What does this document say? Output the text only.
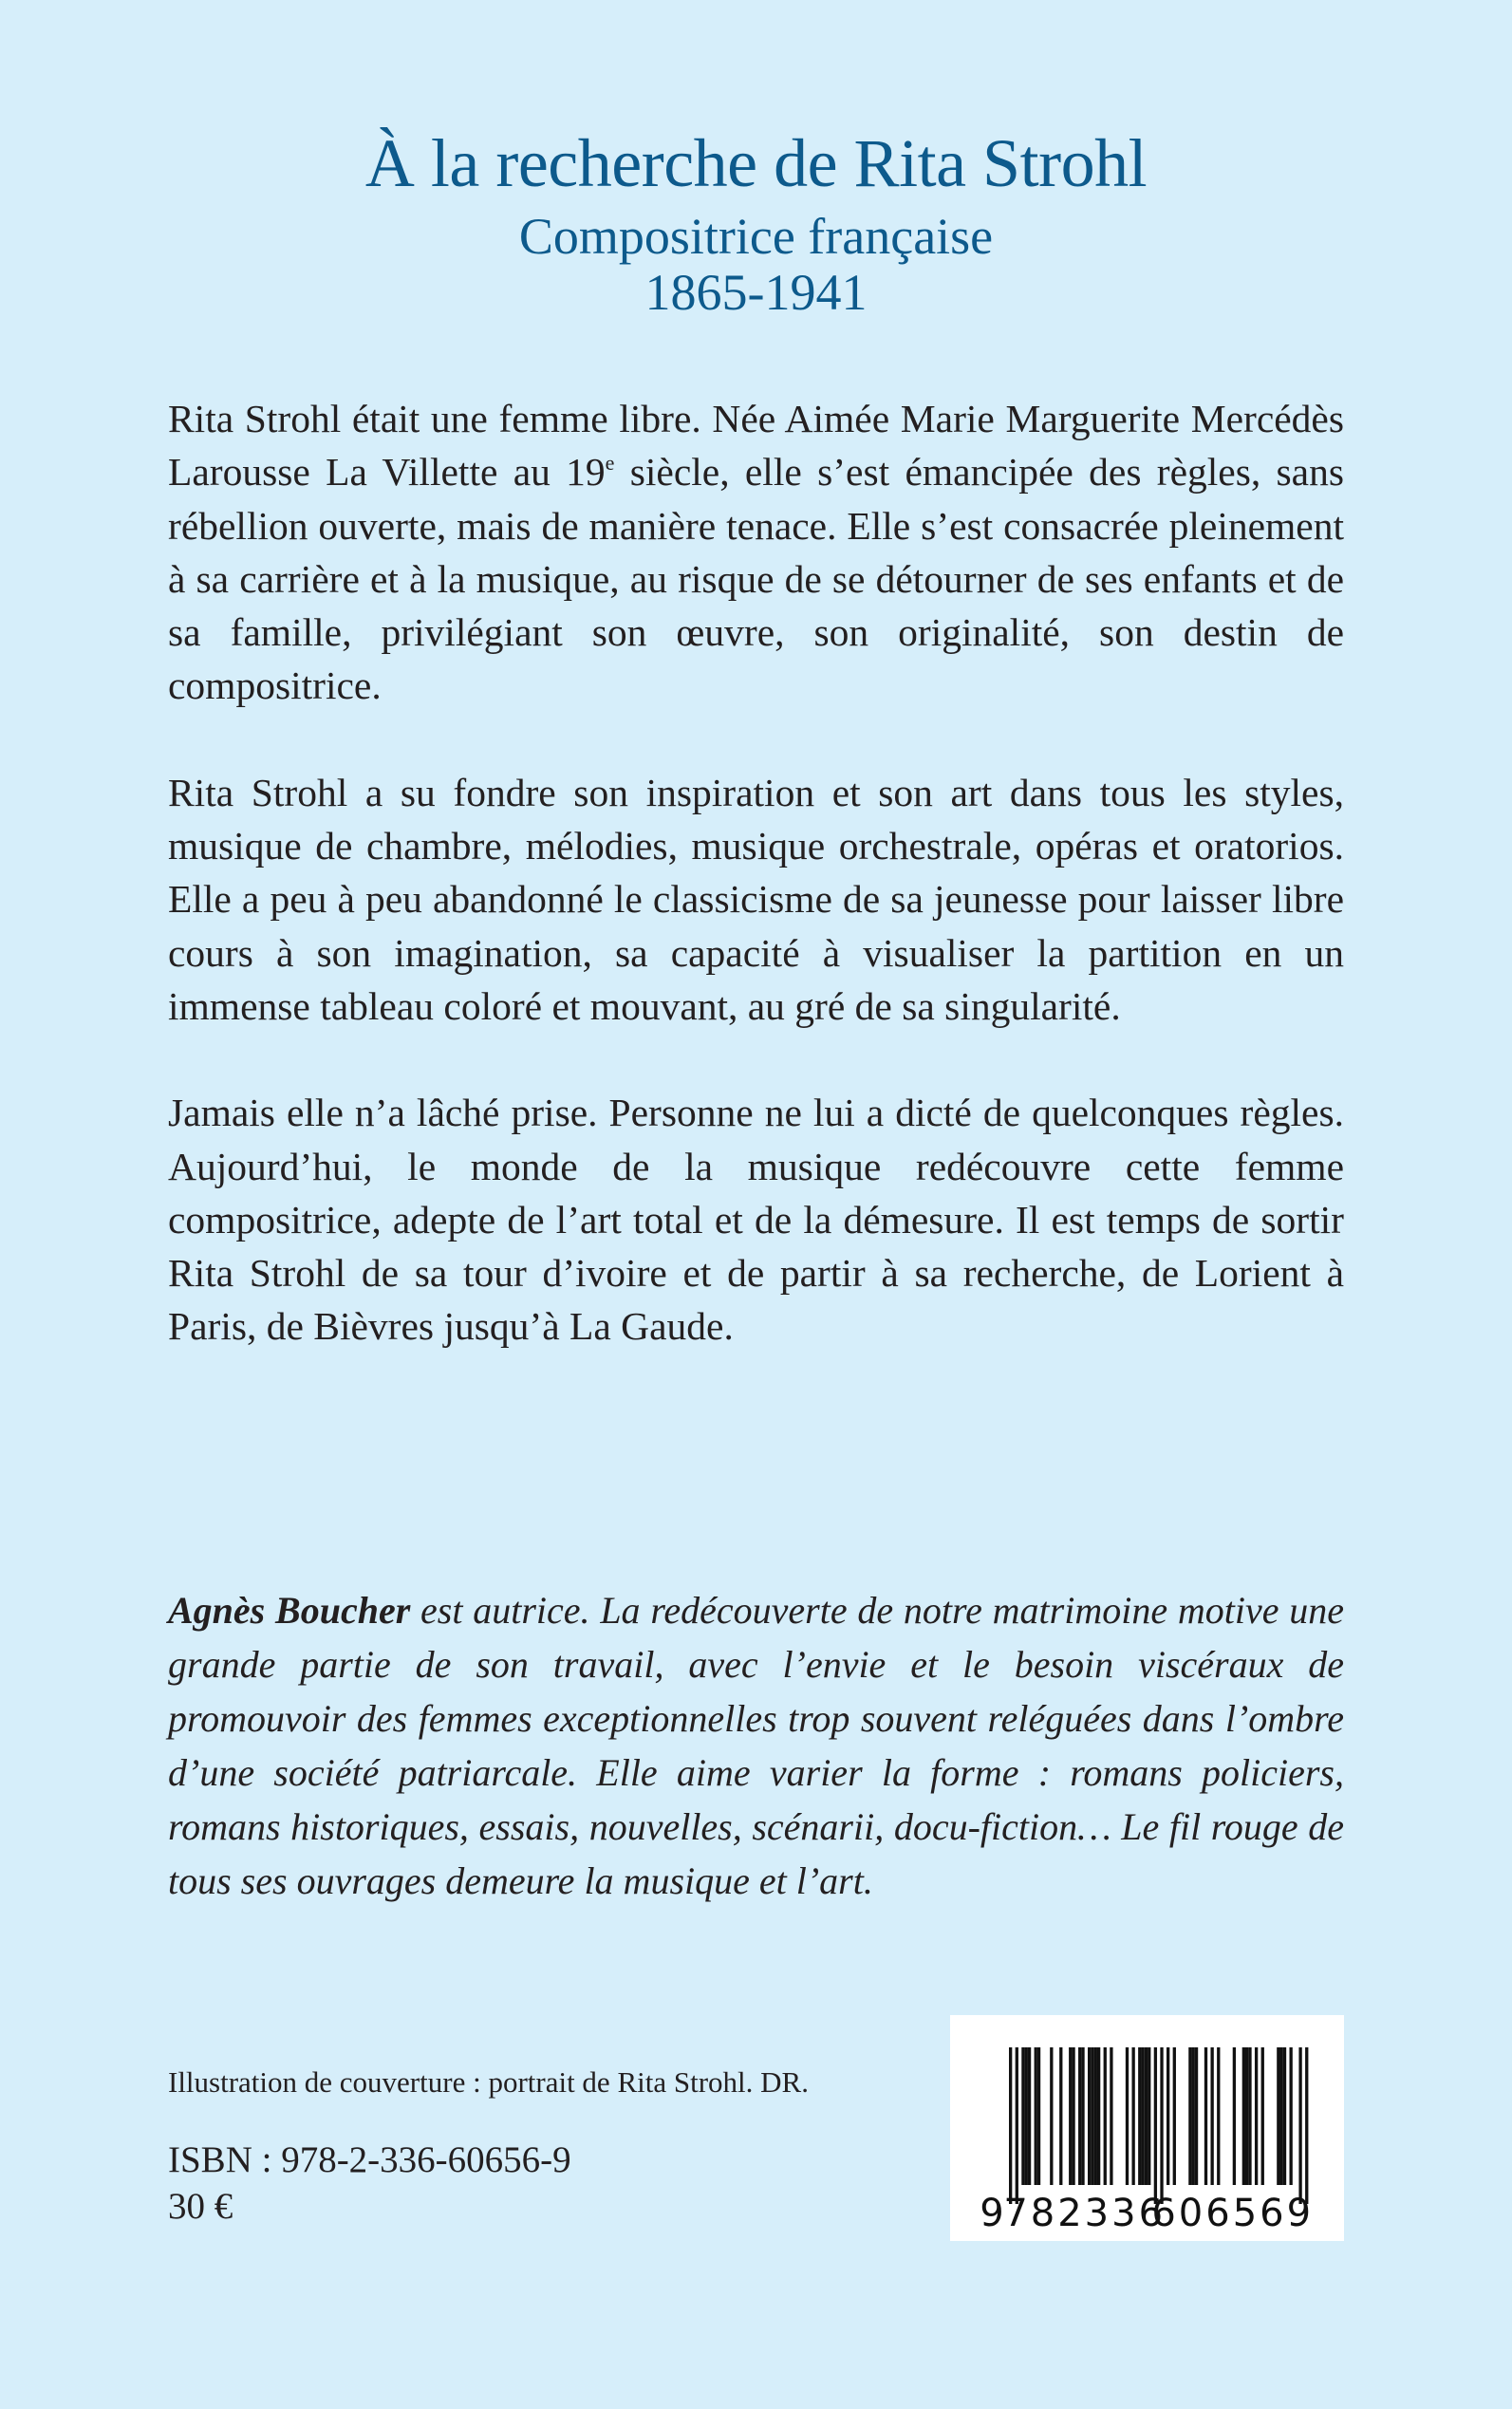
À la recherche de Rita Strohl
Compositrice française
1865-1941

Rita Strohl était une femme libre. Née Aimée Marie Marguerite Mercédès Larousse La Villette au 19e siècle, elle s’est émancipée des règles, sans rébellion ouverte, mais de manière tenace. Elle s’est consacrée pleinement à sa carrière et à la musique, au risque de se détourner de ses enfants et de sa famille, privilégiant son œuvre, son originalité, son destin de compositrice.

Rita Strohl a su fondre son inspiration et son art dans tous les styles, musique de chambre, mélodies, musique orchestrale, opéras et oratorios. Elle a peu à peu abandonné le classicisme de sa jeunesse pour laisser libre cours à son imagination, sa capacité à visualiser la partition en un immense tableau coloré et mouvant, au gré de sa singularité.

Jamais elle n’a lâché prise. Personne ne lui a dicté de quelconques règles. Aujourd’hui, le monde de la musique redécouvre cette femme compositrice, adepte de l’art total et de la démesure. Il est temps de sortir Rita Strohl de sa tour d’ivoire et de partir à sa recherche, de Lorient à Paris, de Bièvres jusqu’à La Gaude.

Agnès Boucher est autrice. La redécouverte de notre matrimoine motive une grande partie de son travail, avec l’envie et le besoin viscéraux de promouvoir des femmes exceptionnelles trop souvent reléguées dans l’ombre d’une société patriarcale. Elle aime varier la forme : romans policiers, romans historiques, essais, nouvelles, scénarii, docu-fiction… Le fil rouge de tous ses ouvrages demeure la musique et l’art.

Illustration de couverture : portrait de Rita Strohl. DR.

ISBN : 978-2-336-60656-9

30 €	9 782336
606569
